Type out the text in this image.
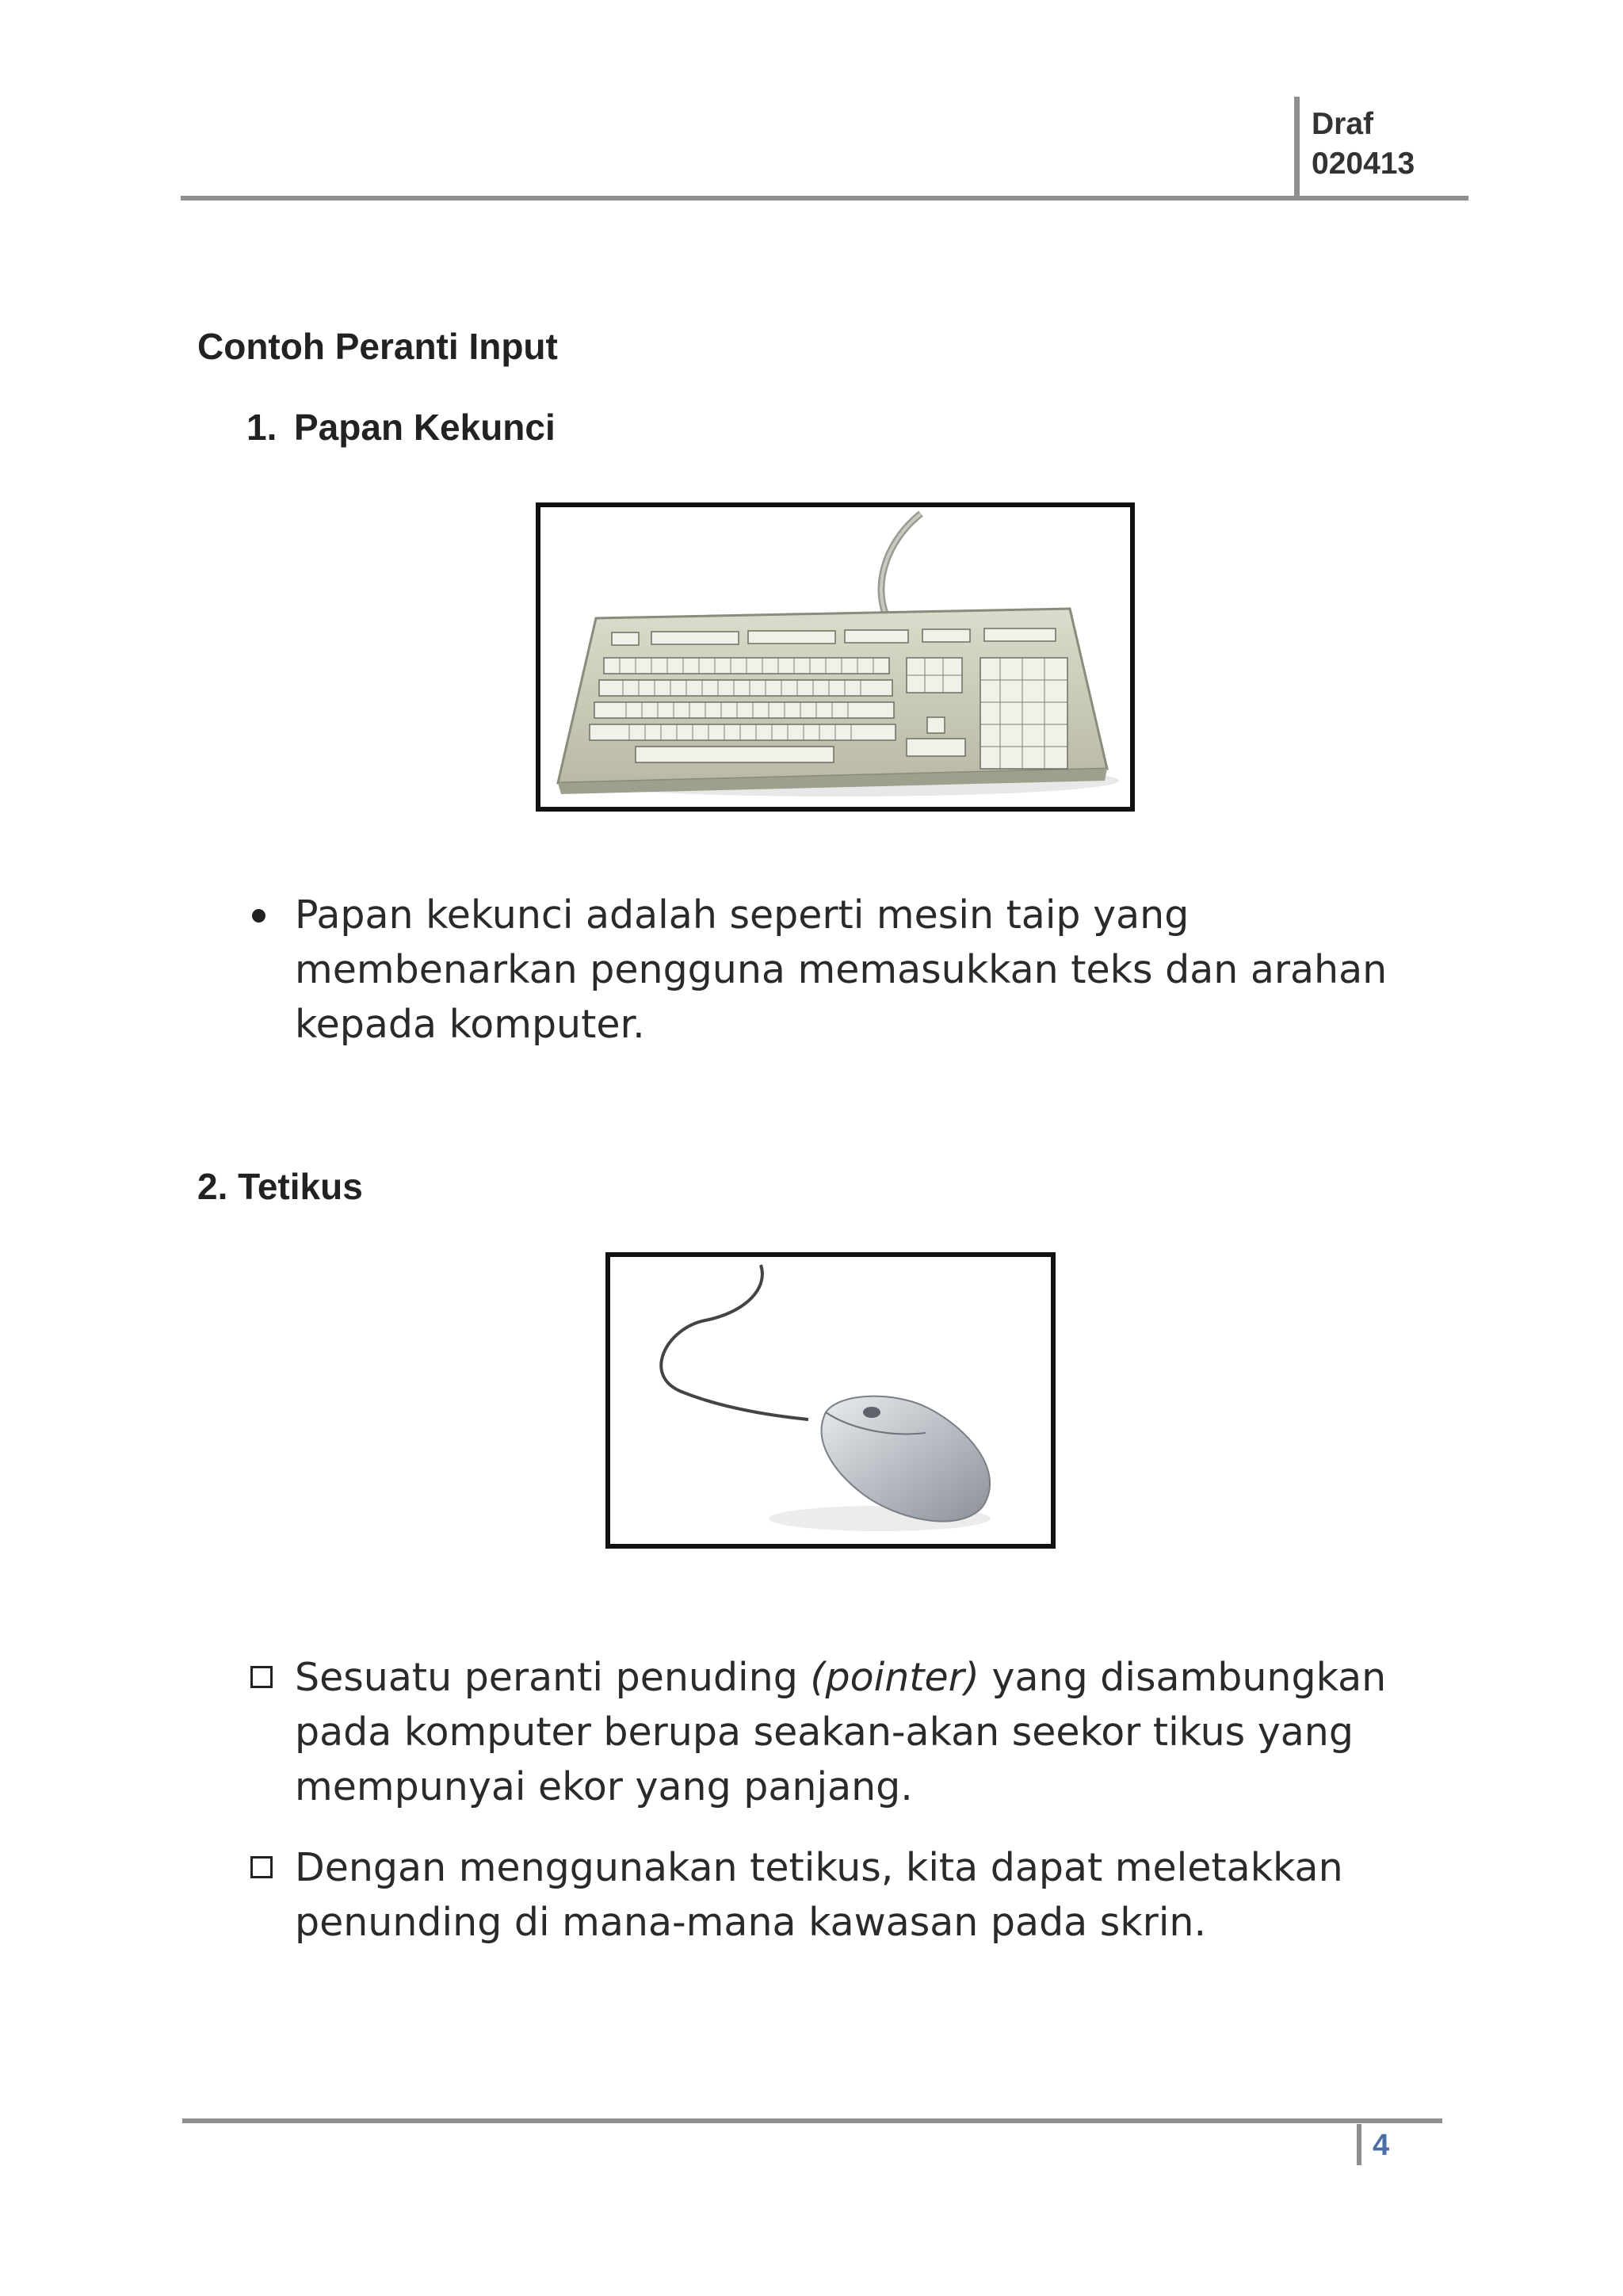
Draf
020413
Contoh Peranti Input
1. Papan Kekunci
Papan kekunci adalah seperti mesin taip yang membenarkan pengguna memasukkan teks dan arahan kepada komputer.
2. Tetikus
Sesuatu peranti penuding (pointer) yang disambungkan pada komputer berupa seakan-akan seekor tikus yang mempunyai ekor yang panjang.
Dengan menggunakan tetikus, kita dapat meletakkan penunding di mana-mana kawasan pada skrin.
4
